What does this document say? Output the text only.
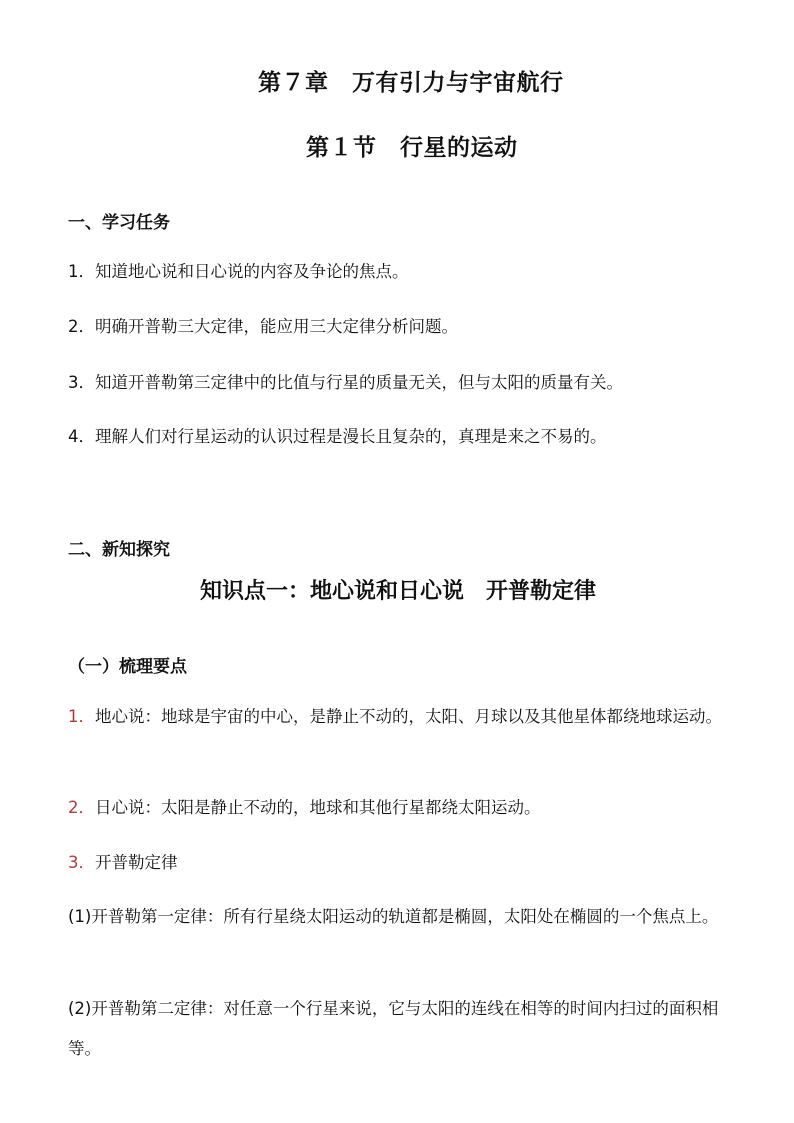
第７章　万有引力与宇宙航行
第１节　行星的运动
一、学习任务

1．知道地心说和日心说的内容及争论的焦点。

2．明确开普勒三大定律，能应用三大定律分析问题。

3．知道开普勒第三定律中的比值与行星的质量无关，但与太阳的质量有关。

4．理解人们对行星运动的认识过程是漫长且复杂的，真理是来之不易的。

二、新知探究
知识点一：地心说和日心说　开普勒定律
（一）梳理要点

1．地心说：地球是宇宙的中心，是静止不动的，太阳、月球以及其他星体都绕地球运动。

2．日心说：太阳是静止不动的，地球和其他行星都绕太阳运动。

3．开普勒定律

(1)开普勒第一定律：所有行星绕太阳运动的轨道都是椭圆，太阳处在椭圆的一个焦点上。

(2)开普勒第二定律：对任意一个行星来说，它与太阳的连线在相等的时间内扫过的面积相等。
